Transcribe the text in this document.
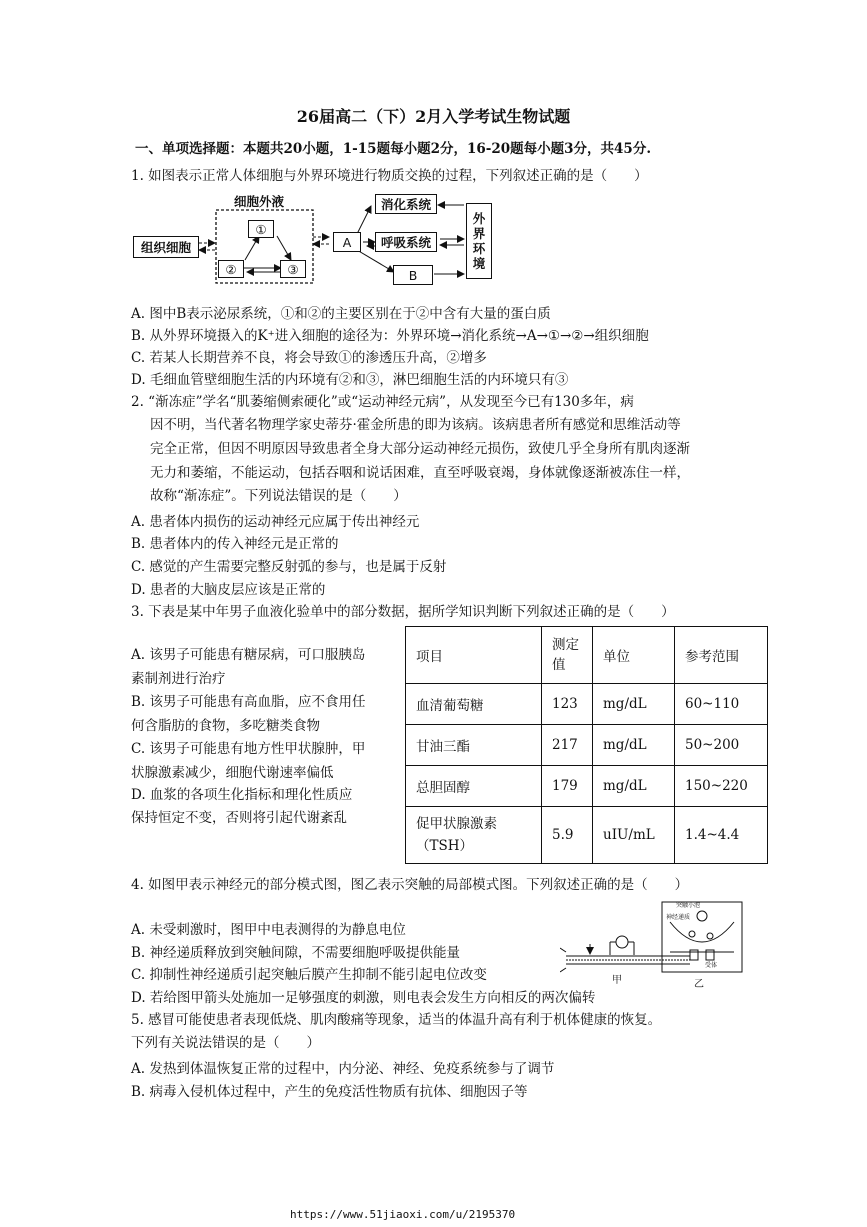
26届高二（下）2月入学考试生物试题
一、单项选择题：本题共20小题，1-15题每小题2分，16-20题每小题3分，共45分.
1. 如图表示正常人体细胞与外界环境进行物质交换的过程，下列叙述正确的是（　　）
细胞外液
组织细胞
①
②	③
A
消化系统
呼吸系统
B
外
界
环
境
A. 图中B表示泌尿系统，①和②的主要区别在于②中含有大量的蛋白质
B. 从外界环境摄入的K⁺进入细胞的途径为：外界环境→消化系统→A→①→②→组织细胞
C. 若某人长期营养不良，将会导致①的渗透压升高，②增多
D. 毛细血管壁细胞生活的内环境有②和③，淋巴细胞生活的内环境只有③
2. “渐冻症”学名“肌萎缩侧索硬化”或“运动神经元病”，从发现至今已有130多年，病
因不明，当代著名物理学家史蒂芬·霍金所患的即为该病。该病患者所有感觉和思维活动等
完全正常，但因不明原因导致患者全身大部分运动神经元损伤，致使几乎全身所有肌肉逐渐
无力和萎缩，不能运动，包括吞咽和说话困难，直至呼吸衰竭，身体就像逐渐被冻住一样，
故称“渐冻症”。下列说法错误的是（　　）
A. 患者体内损伤的运动神经元应属于传出神经元
B. 患者体内的传入神经元是正常的
C. 感觉的产生需要完整反射弧的参与，也是属于反射
D. 患者的大脑皮层应该是正常的
3. 下表是某中年男子血液化验单中的部分数据，据所学知识判断下列叙述正确的是（　　）
A. 该男子可能患有糖尿病，可口服胰岛
素制剂进行治疗
B. 该男子可能患有高血脂，应不食用任
何含脂肪的食物，多吃糖类食物
C. 该男子可能患有地方性甲状腺肿，甲
状腺激素减少，细胞代谢速率偏低
D. 血浆的各项生化指标和理化性质应
保持恒定不变，否则将引起代谢紊乱
项目	测定值	单位	参考范围
血清葡萄糖	123	mg/dL	60~110
甘油三酯	217	mg/dL	50~200
总胆固醇	179	mg/dL	150~220
促甲状腺激素（TSH）	5.9	uIU/mL	1.4~4.4
4. 如图甲表示神经元的部分模式图，图乙表示突触的局部模式图。下列叙述正确的是（　　）
突触小泡
神经递质
受体
甲	乙
A. 未受刺激时，图甲中电表测得的为静息电位
B. 神经递质释放到突触间隙，不需要细胞呼吸提供能量
C. 抑制性神经递质引起突触后膜产生抑制不能引起电位改变
D. 若给图甲箭头处施加一足够强度的刺激，则电表会发生方向相反的两次偏转
5. 感冒可能使患者表现低烧、肌肉酸痛等现象，适当的体温升高有利于机体健康的恢复。
下列有关说法错误的是（　　）
A. 发热到体温恢复正常的过程中，内分泌、神经、免疫系统参与了调节
B. 病毒入侵机体过程中，产生的免疫活性物质有抗体、细胞因子等
https://www.51jiaoxi.com/u/2195370
